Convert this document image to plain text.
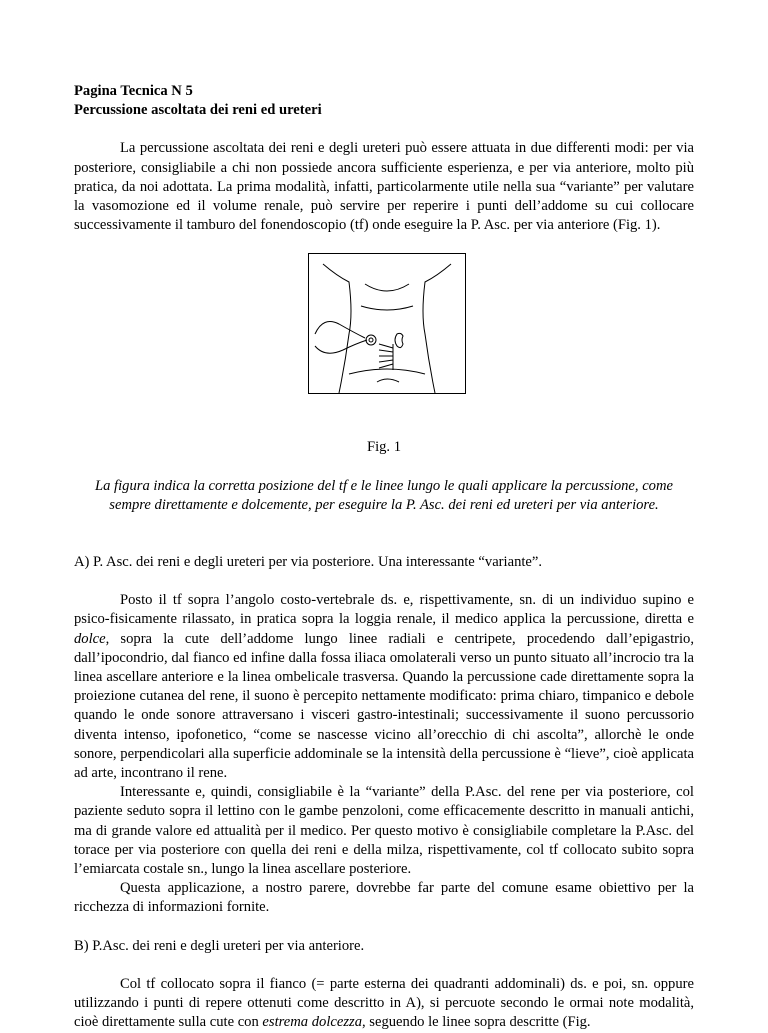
Pagina Tecnica N 5
Percussione ascoltata dei reni ed ureteri

La percussione ascoltata dei reni e degli ureteri può essere attuata in due differenti modi: per via posteriore, consigliabile a chi non possiede ancora sufficiente esperienza, e per via anteriore, molto più pratica, da noi adottata. La prima modalità, infatti, particolarmente utile nella sua “variante” per valutare la vasomozione ed il volume renale, può servire per reperire i punti dell’addome su cui collocare successivamente il tamburo del fonendoscopio (tf) onde eseguire la P. Asc. per via anteriore (Fig. 1).

Fig. 1

La figura indica la corretta posizione del tf e le linee lungo le quali applicare la percussione, come sempre direttamente e dolcemente, per eseguire la P. Asc. dei reni ed ureteri per via anteriore.

A) P. Asc. dei reni e degli ureteri per via posteriore. Una interessante “variante”.

Posto il tf sopra l’angolo costo-vertebrale ds. e, rispettivamente, sn. di un individuo supino e psico-fisicamente rilassato, in pratica sopra la loggia renale, il medico applica la percussione, diretta e dolce, sopra la cute dell’addome lungo linee radiali e centripete, procedendo dall’epigastrio, dall’ipocondrio, dal fianco ed infine dalla fossa iliaca omolaterali verso un punto situato all’incrocio tra la linea ascellare anteriore e la linea ombelicale trasversa. Quando la percussione cade direttamente sopra la proiezione cutanea del rene, il suono è percepito nettamente modificato: prima chiaro, timpanico e debole quando le onde sonore attraversano i visceri gastro-intestinali; successivamente il suono percussorio diventa intenso, ipofonetico, “come se nascesse vicino all’orecchio di chi ascolta”, allorchè le onde sonore, perpendicolari alla superficie addominale se la intensità della percussione è “lieve”, cioè applicata ad arte, incontrano il rene.

Interessante e, quindi, consigliabile è la “variante” della P.Asc. del rene per via posteriore, col paziente seduto sopra il lettino con le gambe penzoloni, come efficacemente descritto in manuali antichi, ma di grande valore ed attualità per il medico. Per questo motivo è consigliabile completare la P.Asc. del torace per via posteriore con quella dei reni e della milza, rispettivamente, col tf collocato subito sopra l’emiarcata costale sn., lungo la linea ascellare posteriore.

Questa applicazione, a nostro parere, dovrebbe far parte del comune esame obiettivo per la ricchezza di informazioni fornite.

B) P.Asc. dei reni e degli ureteri per via anteriore.

Col tf collocato sopra il fianco (= parte esterna dei quadranti addominali) ds. e poi, sn. oppure utilizzando i punti di repere ottenuti come descritto in A), si percuote secondo le ormai note modalità, cioè direttamente sulla cute con estrema dolcezza, seguendo le linee sopra descritte (Fig.
